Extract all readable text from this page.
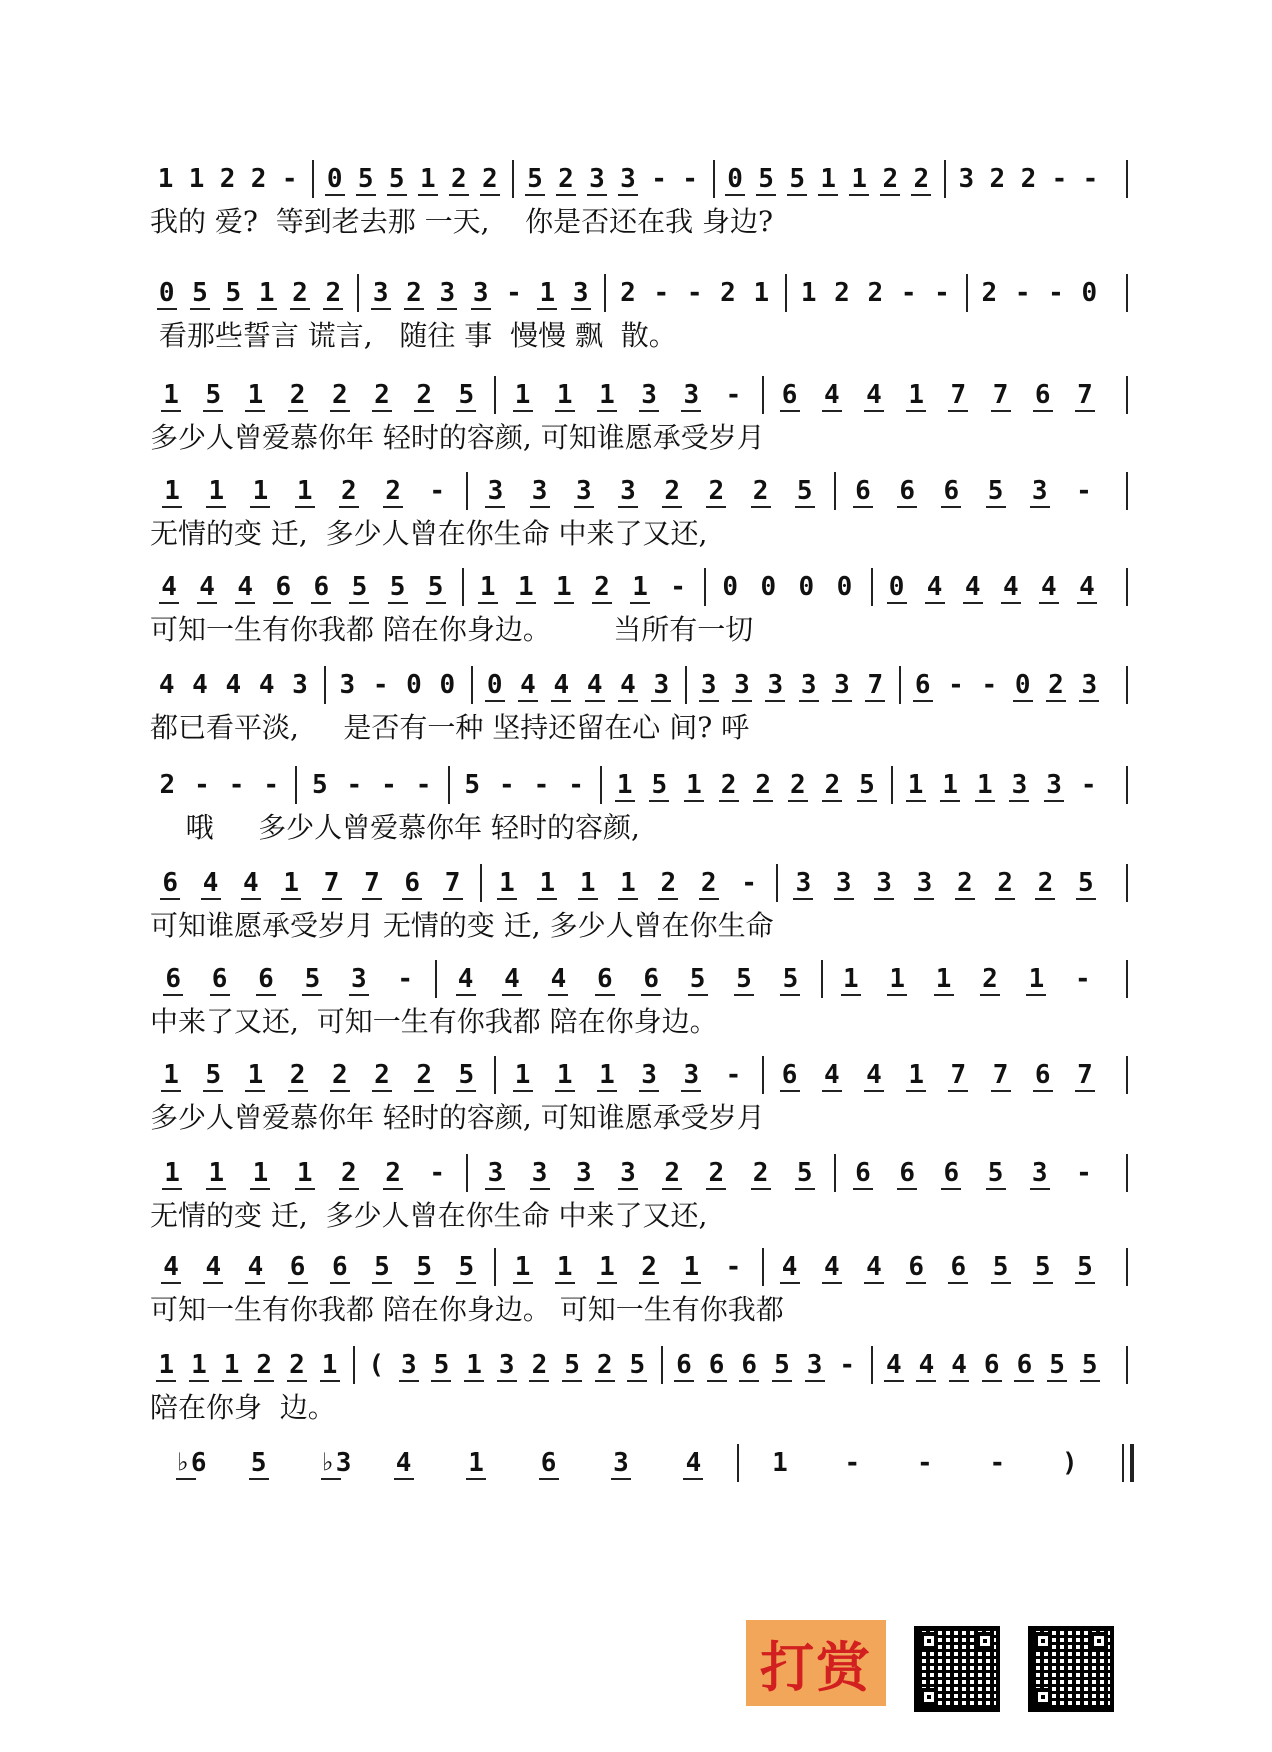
1 1 2 2 - 0 5 5 1 2 2 5 2 3 3 - - 0 5 5 1 1 2 2 3 2 2 - -
我的 爱?  等到老去那 一天,    你是否还在我 身边?
0 5 5 1 2 2 3 2 3 3 - 1 3 2 - - 2 1 1 2 2 - - 2 - - 0
看那些誓言 谎言,   随往 事  慢慢 飘  散。
1 5 1 2 2 2 2 5 1 1 1 3 3 - 6 4 4 1 7 7 6 7
多少人曾爱慕你年 轻时的容颜, 可知谁愿承受岁月
1 1 1 1 2 2 - 3 3 3 3 2 2 2 5 6 6 6 5 3 -
无情的变 迁,  多少人曾在你生命 中来了又还,
4 4 4 6 6 5 5 5 1 1 1 2 1 - 0 0 0 0 0 4 4 4 4 4
可知一生有你我都 陪在你身边。       当所有一切
4 4 4 4 3 3 - 0 0 0 4 4 4 4 3 3 3 3 3 3 7 6 - - 0 2 3
都已看平淡,     是否有一种 坚持还留在心 间? 呼
2 - - - 5 - - - 5 - - - 1 5 1 2 2 2 2 5 1 1 1 3 3 -
哦     多少人曾爱慕你年 轻时的容颜,
6 4 4 1 7 7 6 7 1 1 1 1 2 2 - 3 3 3 3 2 2 2 5
可知谁愿承受岁月 无情的变 迁, 多少人曾在你生命
6 6 6 5 3 - 4 4 4 6 6 5 5 5 1 1 1 2 1 -
中来了又还,  可知一生有你我都 陪在你身边。
1 5 1 2 2 2 2 5 1 1 1 3 3 - 6 4 4 1 7 7 6 7
多少人曾爱慕你年 轻时的容颜, 可知谁愿承受岁月
1 1 1 1 2 2 - 3 3 3 3 2 2 2 5 6 6 6 5 3 -
无情的变 迁,  多少人曾在你生命 中来了又还,
4 4 4 6 6 5 5 5 1 1 1 2 1 - 4 4 4 6 6 5 5 5
可知一生有你我都 陪在你身边。 可知一生有你我都
1 1 1 2 2 1 ( 3 5 1 3 2 5 2 5 6 6 6 5 3 - 4 4 4 6 6 5 5
陪在你身  边。
♭6 5 ♭3 4 1 6 3 4	1 - - - )
打赏
